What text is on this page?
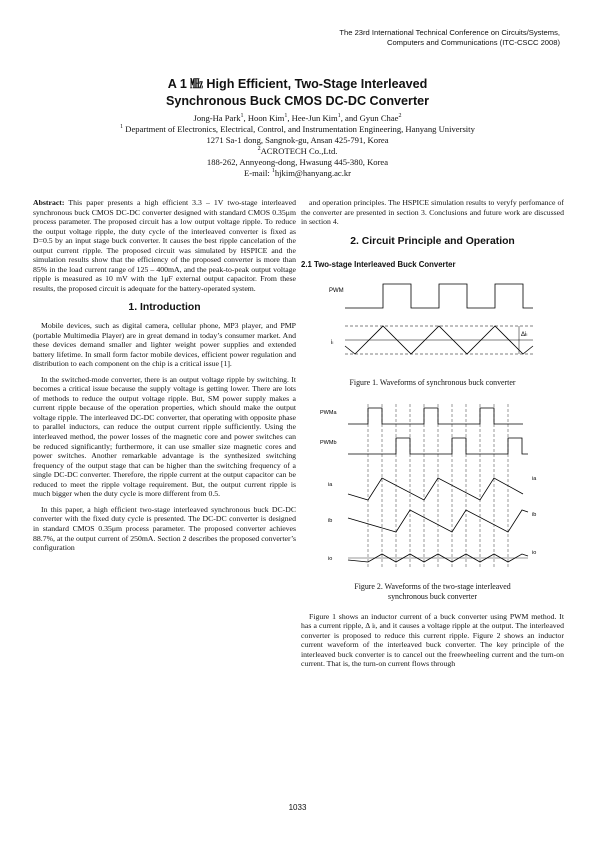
The 23rd International Technical Conference on Circuits/Systems,
Computers and Communications (ITC-CSCC 2008)
A 1 ㎒ High Efficient, Two-Stage Interleaved
Synchronous Buck CMOS DC-DC Converter
Jong-Ha Park$^1$, Hoon Kim$^1$, Hee-Jun Kim$^1$, and Gyun Chae$^2$
$^1$ Department of Electronics, Electrical, Control, and Instrumentation Engineering, Hanyang University
1271 Sa-1 dong, Sangnok-gu, Ansan 425-791, Korea
$^2$ACROTECH Co.,Ltd.
188-262, Annyeong-dong, Hwasung 445-380, Korea
E-mail: $^1$hjkim@hanyang.ac.kr

Abstract: This paper presents a high efficient 3.3 – 1V two-stage interleaved synchronous buck CMOS DC-DC converter designed with standard CMOS 0.35μm process parameter. The proposed circuit has a low output voltage ripple. To reduce the output voltage ripple, the duty cycle of the interleaved converter is fixed as D=0.5 by an input stage buck converter. It causes the best ripple cancelation of the output current ripple. The proposed circuit was simulated by HSPICE and the simulation results show that the efficiency of the proposed converter is more than 85% in the load current range of 125 – 400mA, and the peak-to-peak output voltage ripple is measured as 10 mV with the 1μF external output capacitor. From these results, the proposed circuit is adequate for the battery-operated system.

1. Introduction

Mobile devices, such as digital camera, cellular phone, MP3 player, and PMP (portable Multimedia Player) are in great demand in today’s consumer market. And these devices demand smaller and lighter weight power supplies and extended battery lifetime. In small form factor mobile devices, efficient power regulation and distribution to each component on the chip is a critical issue [1].

In the switched-mode converter, there is an output voltage ripple by switching. It becomes a critical issue because the supply voltage is getting lower. There are lots of methods to reduce the output voltage ripple. But, SM power supply makes a current ripple because of the operation properties, which should make the output voltage ripple. The interleaved DC-DC converter, that operating with opposite phase to parallel inductors, can reduce the output current ripple sufficiently. Using the interleaved method, the power losses of the magnetic core and power switches can be reduced significantly; furthermore, it can use smaller size magnetic cores and power switches. Another remarkable advantage is the synthesized switching frequency of the output stage that can be higher than the switching frequency of a single DC-DC converter. Therefore, the ripple current at the output capacitor can be reduced to meet the ripple voltage requirement. But, the output current ripple is much bigger when the duty cycle is more different from 0.5.

In this paper, a high efficient two-stage interleaved synchronous buck DC-DC converter with the fixed duty cycle is presented. The DC-DC converter is designed in standard CMOS 0.35μm process parameter. The proposed converter achieves 88.7%, at the output current of 250mA. Section 2 describes the proposed converter’s configuration

and operation principles. The HSPICE simulation results to veryfy perfomance of the converter are presented in section 3. Conclusions and future work are discussed in section 4.

2. Circuit Principle and Operation
2.1 Two-stage Interleaved Buck Converter
PWM
Δiₗ
iₗ
Figure 1. Waveforms of synchronous buck converter
PWMa
PWMb
ia
ia
ib
ib
io
io
Figure 2. Waveforms of the two-stage interleaved
synchronous buck converter

Figure 1 shows an inductor current of a buck converter using PWM method. It has a current ripple, Δ iₗ, and it causes a voltage ripple at the output. The interleaved converter is proposed to reduce this current ripple. Figure 2 shows an inductor current waveform of the interleaved buck converter. The key principle of the interleaved buck converter is to cancel out the freewheeling current and the turn-on current. That is, the turn-on current flows through

1033
